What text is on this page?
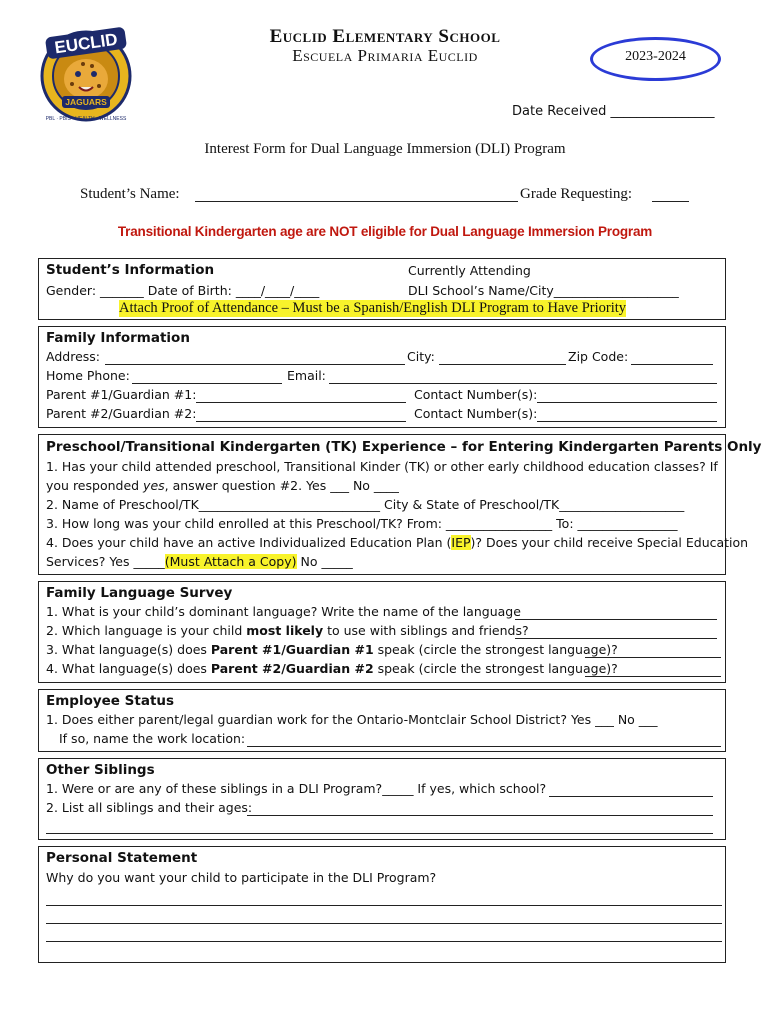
EUCLID
JAGUARS
PBL · PBIS · HEALTH · WELLNESS
Euclid Elementary School
Escuela Primaria Euclid	2023-2024
Date Received ________________
Interest Form for Dual Language Immersion (DLI) Program
Student’s Name:	Grade Requesting:
Transitional Kindergarten age are NOT eligible for Dual Language Immersion Program
Student’s Information
Gender: _______ Date of Birth: ____/____/____
Currently Attending
DLI School’s Name/City____________________
Attach Proof of Attendance – Must be a Spanish/English DLI Program to Have Priority
Family Information
Address:	City:	Zip Code:
Home Phone:	Email:
Parent #1/Guardian #1:	Contact Number(s):
Parent #2/Guardian #2:	Contact Number(s):
Preschool/Transitional Kindergarten (TK) Experience – for Entering Kindergarten Parents Only
1. Has your child attended preschool, Transitional Kinder (TK) or other early childhood education classes? If
you responded yes, answer question #2. Yes ___ No ____
2. Name of Preschool/TK_____________________________ City & State of Preschool/TK____________________
3. How long was your child enrolled at this Preschool/TK? From: _________________ To: ________________
4. Does your child have an active Individualized Education Plan (IEP)? Does your child receive Special Education
Services? Yes _____(Must Attach a Copy) No _____
Family Language Survey
1. What is your child’s dominant language? Write the name of the language
2. Which language is your child most likely to use with siblings and friends?
3. What language(s) does Parent #1/Guardian #1 speak (circle the strongest language)?
4. What language(s) does Parent #2/Guardian #2 speak (circle the strongest language)?
Employee Status
1. Does either parent/legal guardian work for the Ontario-Montclair School District? Yes ___ No ___
If so, name the work location:
Other Siblings
1. Were or are any of these siblings in a DLI Program?_____ If yes, which school?
2. List all siblings and their ages:
Personal Statement
Why do you want your child to participate in the DLI Program?
